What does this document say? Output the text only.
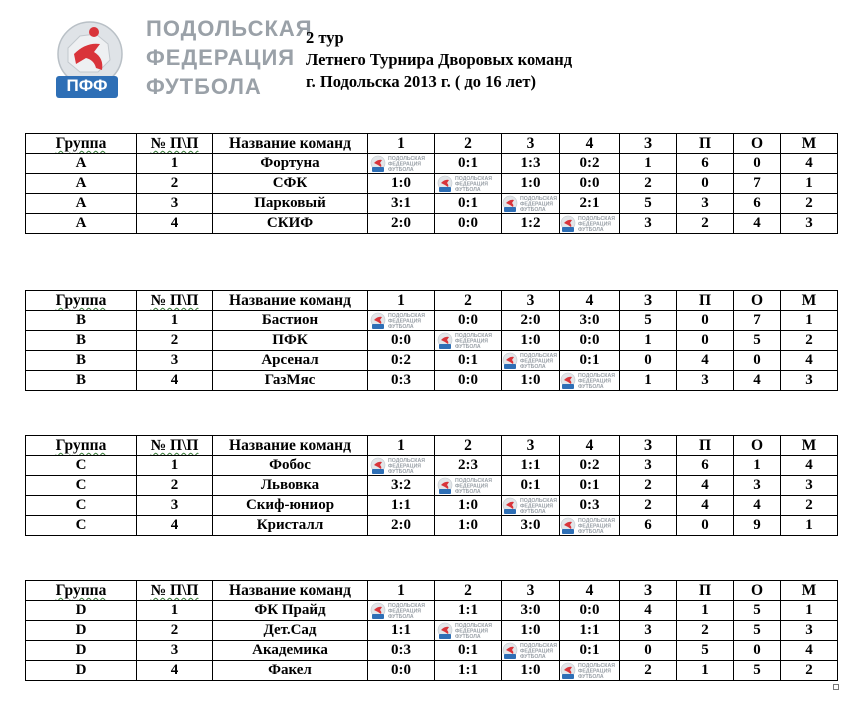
ПФФ
ПОДОЛЬСКАЯ
ФЕДЕРАЦИЯ
ФУТБОЛА
2 тур
Летнего Турнира Дворовых команд
г. Подольска 2013 г. ( до 16 лет)
Группа	№ П\П	Название команд	1	2	3	4	З	П	О	М
A	1	Фортуна	ПОДОЛЬСКАЯ
ФЕДЕРАЦИЯ
ФУТБОЛА	0:1	1:3	0:2	1	6	0	4
A	2	СФК	1:0	ПОДОЛЬСКАЯ
ФЕДЕРАЦИЯ
ФУТБОЛА	1:0	0:0	2	0	7	1
A	3	Парковый	3:1	0:1	ПОДОЛЬСКАЯ
ФЕДЕРАЦИЯ
ФУТБОЛА	2:1	5	3	6	2
A	4	СКИФ	2:0	0:0	1:2	ПОДОЛЬСКАЯ
ФЕДЕРАЦИЯ
ФУТБОЛА	3	2	4	3
Группа	№ П\П	Название команд	1	2	3	4	З	П	О	М
B	1	Бастион	ПОДОЛЬСКАЯ
ФЕДЕРАЦИЯ
ФУТБОЛА	0:0	2:0	3:0	5	0	7	1
B	2	ПФК	0:0	ПОДОЛЬСКАЯ
ФЕДЕРАЦИЯ
ФУТБОЛА	1:0	0:0	1	0	5	2
B	3	Арсенал	0:2	0:1	ПОДОЛЬСКАЯ
ФЕДЕРАЦИЯ
ФУТБОЛА	0:1	0	4	0	4
B	4	ГазМяс	0:3	0:0	1:0	ПОДОЛЬСКАЯ
ФЕДЕРАЦИЯ
ФУТБОЛА	1	3	4	3
Группа	№ П\П	Название команд	1	2	3	4	З	П	О	М
C	1	Фобос	ПОДОЛЬСКАЯ
ФЕДЕРАЦИЯ
ФУТБОЛА	2:3	1:1	0:2	3	6	1	4
C	2	Львовка	3:2	ПОДОЛЬСКАЯ
ФЕДЕРАЦИЯ
ФУТБОЛА	0:1	0:1	2	4	3	3
C	3	Скиф-юниор	1:1	1:0	ПОДОЛЬСКАЯ
ФЕДЕРАЦИЯ
ФУТБОЛА	0:3	2	4	4	2
C	4	Кристалл	2:0	1:0	3:0	ПОДОЛЬСКАЯ
ФЕДЕРАЦИЯ
ФУТБОЛА	6	0	9	1
Группа	№ П\П	Название команд	1	2	3	4	З	П	О	М
D	1	ФК Прайд	ПОДОЛЬСКАЯ
ФЕДЕРАЦИЯ
ФУТБОЛА	1:1	3:0	0:0	4	1	5	1
D	2	Дет.Сад	1:1	ПОДОЛЬСКАЯ
ФЕДЕРАЦИЯ
ФУТБОЛА	1:0	1:1	3	2	5	3
D	3	Академика	0:3	0:1	ПОДОЛЬСКАЯ
ФЕДЕРАЦИЯ
ФУТБОЛА	0:1	0	5	0	4
D	4	Факел	0:0	1:1	1:0	ПОДОЛЬСКАЯ
ФЕДЕРАЦИЯ
ФУТБОЛА	2	1	5	2
